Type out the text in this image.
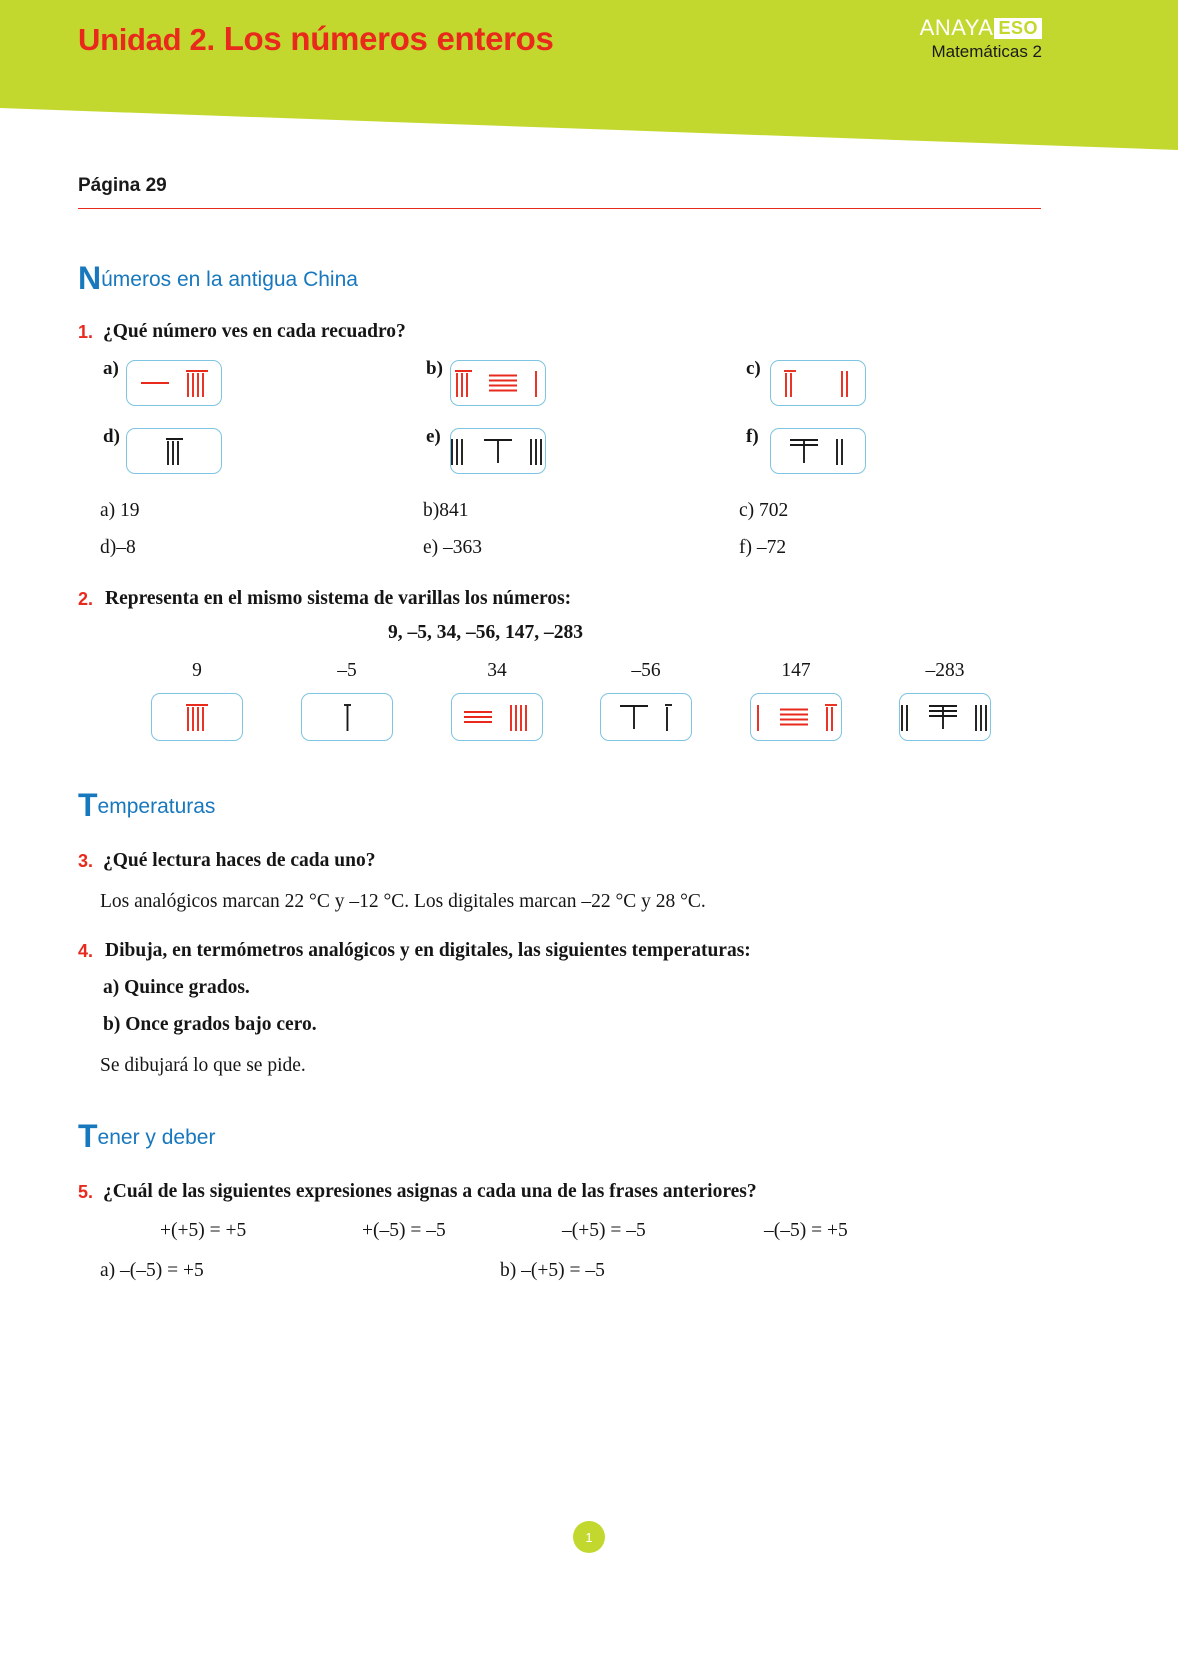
Unidad 2. Los números enteros	ANAYA ESO
Matemáticas 2
Página 29
Números en la antigua China
1. ¿Qué número ves en cada recuadro?
a)	b)	c)
d)	e)	f)
a) 19	b)841	c) 702
d)–8	e) –363	f) –72
2. Representa en el mismo sistema de varillas los números:
9, –5, 34, –56, 147, –283
9	–5	34	–56	147	–283
Temperaturas
3. ¿Qué lectura haces de cada uno?
Los analógicos marcan 22 °C y –12 °C. Los digitales marcan –22 °C y 28 °C.
4. Dibuja, en termómetros analógicos y en digitales, las siguientes temperaturas:
a) Quince grados.
b) Once grados bajo cero.
Se dibujará lo que se pide.
Tener y deber
5. ¿Cuál de las siguientes expresiones asignas a cada una de las frases anteriores?
+(+5) = +5	+(–5) = –5	–(+5) = –5	–(–5) = +5
a) –(–5) = +5	b) –(+5) = –5
1
